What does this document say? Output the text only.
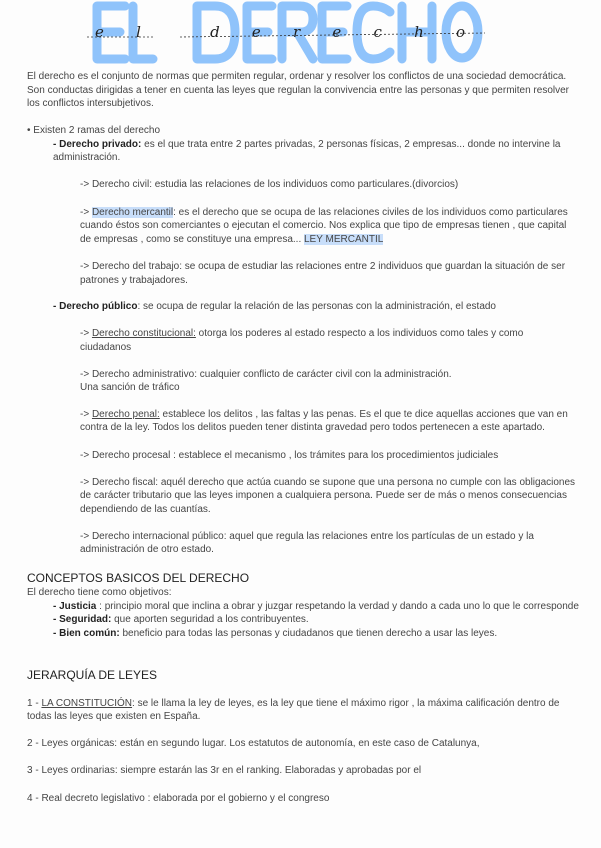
el derecho
El derecho es el conjunto de normas que permiten regular, ordenar y resolver los conflictos de una sociedad democrática.
Son conductas dirigidas a tener en cuenta las leyes que regulan la convivencia entre las personas y que permiten resolver
los conflictos intersubjetivos.
• Existen 2 ramas del derecho
- Derecho privado: es el que trata entre 2 partes privadas, 2 personas físicas, 2 empresas... donde no intervine la
administración.
-> Derecho civil: estudia las relaciones de los individuos como particulares.(divorcios)
-> Derecho mercantil: es el derecho que se ocupa de las relaciones civiles de los individuos como particulares
cuando éstos son comerciantes o ejecutan el comercio. Nos explica que tipo de empresas tienen , que capital
de empresas , como se constituye una empresa... LEY MERCANTIL
-> Derecho del trabajo: se ocupa de estudiar las relaciones entre 2 individuos que guardan la situación de ser
patrones y trabajadores.
- Derecho público: se ocupa de regular la relación de las personas con la administración, el estado
-> Derecho constitucional: otorga los poderes al estado respecto a los individuos como tales y como
ciudadanos
-> Derecho administrativo: cualquier conflicto de carácter civil con la administración.
Una sanción de tráfico
-> Derecho penal: establece los delitos , las faltas y las penas. Es el que te dice aquellas acciones que van en
contra de la ley. Todos los delitos pueden tener distinta gravedad pero todos pertenecen a este apartado.
-> Derecho procesal : establece el mecanismo , los trámites para los procedimientos judiciales
-> Derecho fiscal: aquél derecho que actúa cuando se supone que una persona no cumple con las obligaciones
de carácter tributario que las leyes imponen a cualquiera persona. Puede ser de más o menos consecuencias
dependiendo de las cuantías.
-> Derecho internacional público: aquel que regula las relaciones entre los partículas de un estado y la
administración de otro estado.
CONCEPTOS BASICOS DEL DERECHO
El derecho tiene como objetivos:
- Justicia : principio moral que inclina a obrar y juzgar respetando la verdad y dando a cada uno lo que le corresponde
- Seguridad: que aporten seguridad a los contribuyentes.
- Bien común: beneficio para todas las personas y ciudadanos que tienen derecho a usar las leyes.
JERARQUÍA DE LEYES
1 - LA CONSTITUCIÓN: se le llama la ley de leyes, es la ley que tiene el máximo rigor , la máxima calificación dentro de
todas las leyes que existen en España.
2 - Leyes orgánicas: están en segundo lugar. Los estatutos de autonomía, en este caso de Catalunya,
3 - Leyes ordinarias: siempre estarán las 3r en el ranking. Elaboradas y aprobadas por el
4 - Real decreto legislativo : elaborada por el gobierno y el congreso
